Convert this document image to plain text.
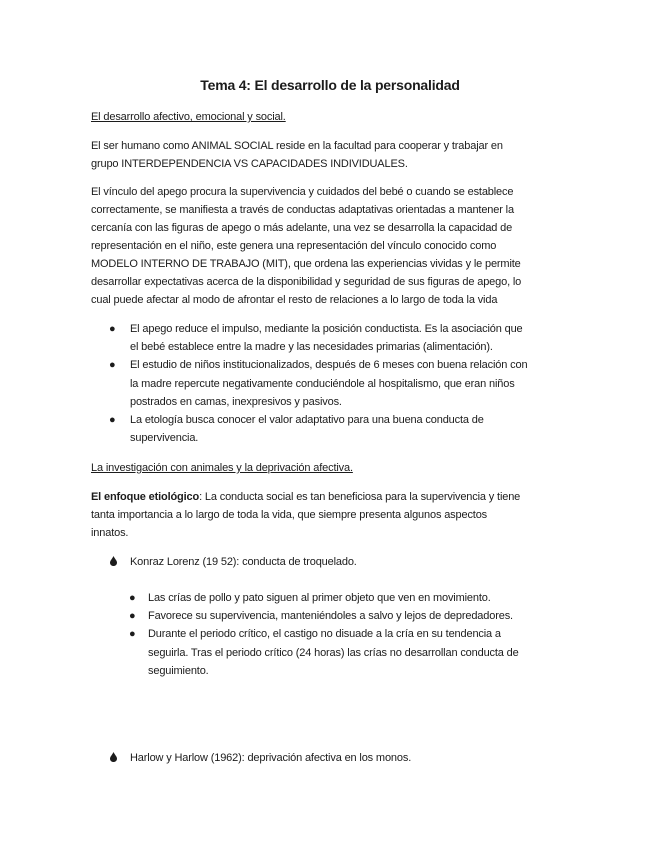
Tema 4: El desarrollo de la personalidad
El desarrollo afectivo, emocional y social.
El ser humano como ANIMAL SOCIAL reside en la facultad para cooperar y trabajar en
grupo INTERDEPENDENCIA VS CAPACIDADES INDIVIDUALES.
El vínculo del apego procura la supervivencia y cuidados del bebé o cuando se establece
correctamente, se manifiesta a través de conductas adaptativas orientadas a mantener la
cercanía con las figuras de apego o más adelante, una vez se desarrolla la capacidad de
representación en el niño, este genera una representación del vínculo conocido como
MODELO INTERNO DE TRABAJO (MIT), que ordena las experiencias vividas y le permite
desarrollar expectativas acerca de la disponibilidad y seguridad de sus figuras de apego, lo
cual puede afectar al modo de afrontar el resto de relaciones a lo largo de toda la vida
● El apego reduce el impulso, mediante la posición conductista. Es la asociación que
el bebé establece entre la madre y las necesidades primarias (alimentación).
● El estudio de niños institucionalizados, después de 6 meses con buena relación con
la madre repercute negativamente conduciéndole al hospitalismo, que eran niños
postrados en camas, inexpresivos y pasivos.
● La etología busca conocer el valor adaptativo para una buena conducta de
supervivencia.
La investigación con animales y la deprivación afectiva.
El enfoque etiológico: La conducta social es tan beneficiosa para la supervivencia y tiene
tanta importancia a lo largo de toda la vida, que siempre presenta algunos aspectos
innatos.
Konraz Lorenz (19 52): conducta de troquelado.
● Las crías de pollo y pato siguen al primer objeto que ven en movimiento.
● Favorece su supervivencia, manteniéndoles a salvo y lejos de depredadores.
● Durante el periodo crítico, el castigo no disuade a la cría en su tendencia a
seguirla. Tras el periodo crítico (24 horas) las crías no desarrollan conducta de
seguimiento.
Harlow y Harlow (1962): deprivación afectiva en los monos.
